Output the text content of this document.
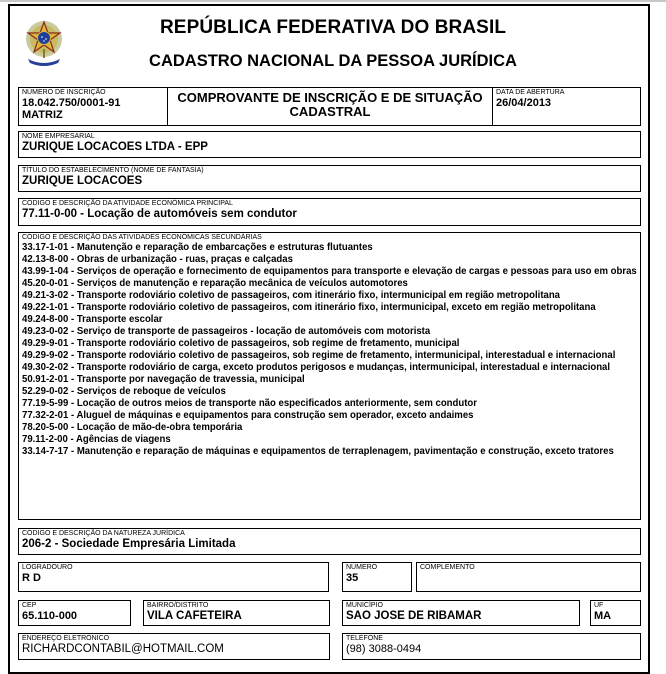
REPÚBLICA FEDERATIVA DO BRASIL
CADASTRO NACIONAL DA PESSOA JURÍDICA
NÚMERO DE INSCRIÇÃO
18.042.750/0001-91
MATRIZ
COMPROVANTE DE INSCRIÇÃO E DE SITUAÇÃO
CADASTRAL
DATA DE ABERTURA
26/04/2013
NOME EMPRESARIAL
ZURIQUE LOCACOES LTDA - EPP
TÍTULO DO ESTABELECIMENTO (NOME DE FANTASIA)
ZURIQUE LOCACOES
CÓDIGO E DESCRIÇÃO DA ATIVIDADE ECONÔMICA PRINCIPAL
77.11-0-00 - Locação de automóveis sem condutor
CÓDIGO E DESCRIÇÃO DAS ATIVIDADES ECONÔMICAS SECUNDÁRIAS
33.17-1-01 - Manutenção e reparação de embarcações e estruturas flutuantes
42.13-8-00 - Obras de urbanização - ruas, praças e calçadas
43.99-1-04 - Serviços de operação e fornecimento de equipamentos para transporte e elevação de cargas e pessoas para uso em obras
45.20-0-01 - Serviços de manutenção e reparação mecânica de veículos automotores
49.21-3-02 - Transporte rodoviário coletivo de passageiros, com itinerário fixo, intermunicipal em região metropolitana
49.22-1-01 - Transporte rodoviário coletivo de passageiros, com itinerário fixo, intermunicipal, exceto em região metropolitana
49.24-8-00 - Transporte escolar
49.23-0-02 - Serviço de transporte de passageiros - locação de automóveis com motorista
49.29-9-01 - Transporte rodoviário coletivo de passageiros, sob regime de fretamento, municipal
49.29-9-02 - Transporte rodoviário coletivo de passageiros, sob regime de fretamento, intermunicipal, interestadual e internacional
49.30-2-02 - Transporte rodoviário de carga, exceto produtos perigosos e mudanças, intermunicipal, interestadual e internacional
50.91-2-01 - Transporte por navegação de travessia, municipal
52.29-0-02 - Serviços de reboque de veículos
77.19-5-99 - Locação de outros meios de transporte não especificados anteriormente, sem condutor
77.32-2-01 - Aluguel de máquinas e equipamentos para construção sem operador, exceto andaimes
78.20-5-00 - Locação de mão-de-obra temporária
79.11-2-00 - Agências de viagens
33.14-7-17 - Manutenção e reparação de máquinas e equipamentos de terraplenagem, pavimentação e construção, exceto tratores
CÓDIGO E DESCRIÇÃO DA NATUREZA JURÍDICA
206-2 - Sociedade Empresária Limitada
LOGRADOURO
R D
NÚMERO
35
COMPLEMENTO
CEP
65.110-000
BAIRRO/DISTRITO
VILA CAFETEIRA
MUNICÍPIO
SAO JOSE DE RIBAMAR
UF
MA
ENDEREÇO ELETRÔNICO
RICHARDCONTABIL@HOTMAIL.COM
TELEFONE
(98) 3088-0494
